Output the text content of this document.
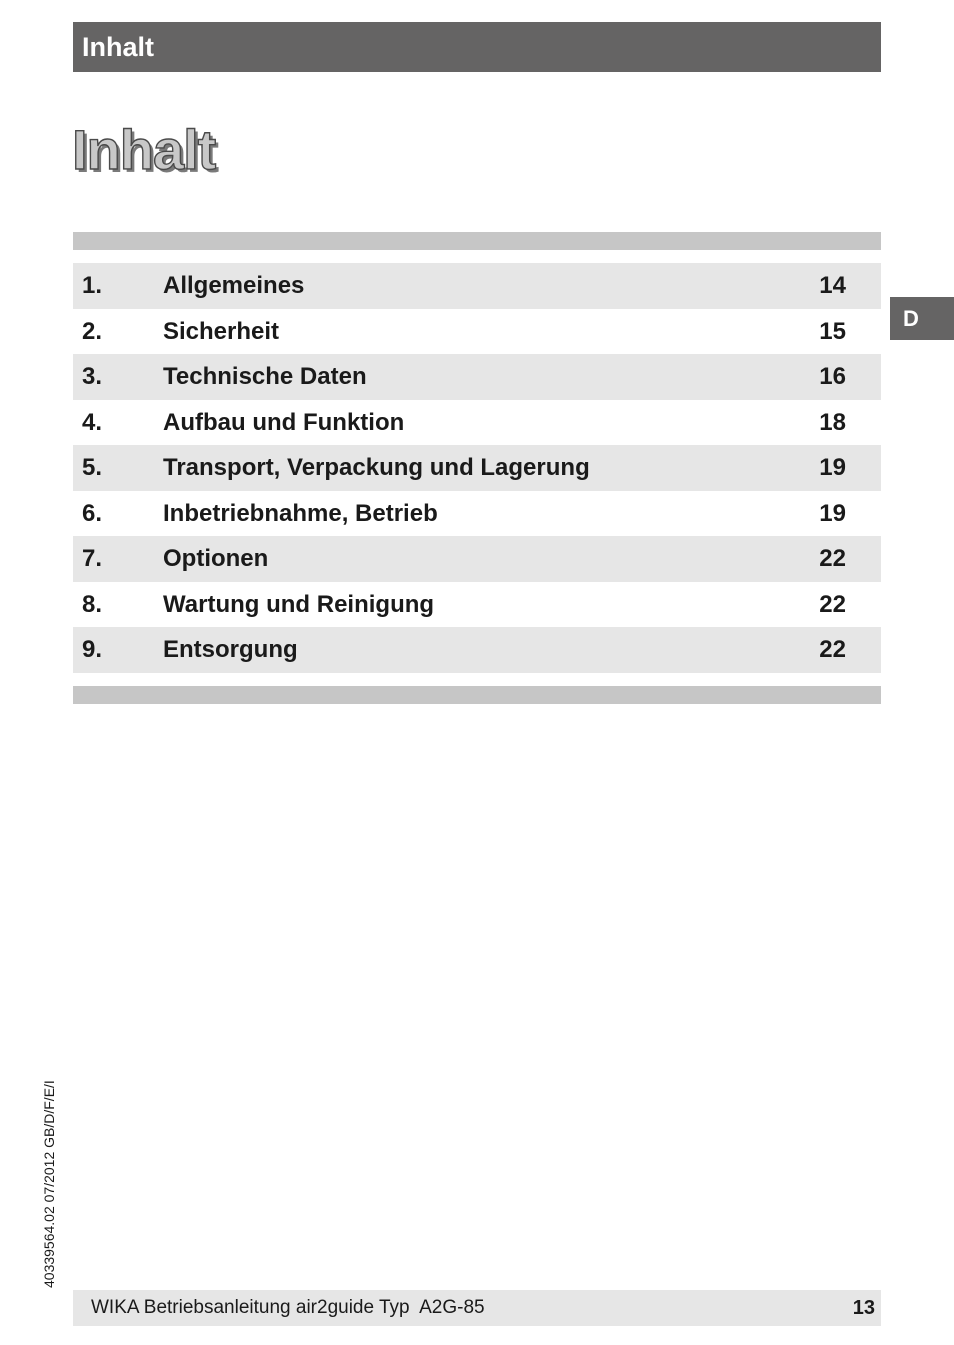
Inhalt
Inhalt
1.	Allgemeines	14
2.	Sicherheit	15
3.	Technische Daten	16
4.	Aufbau und Funktion	18
5.	Transport, Verpackung und Lagerung	19
6.	Inbetriebnahme, Betrieb	19
7.	Optionen	22
8.	Wartung und Reinigung	22
9.	Entsorgung	22
D
40339564.02 07/2012 GB/D/F/E/I
WIKA Betriebsanleitung air2guide Typ  A2G-85	13
